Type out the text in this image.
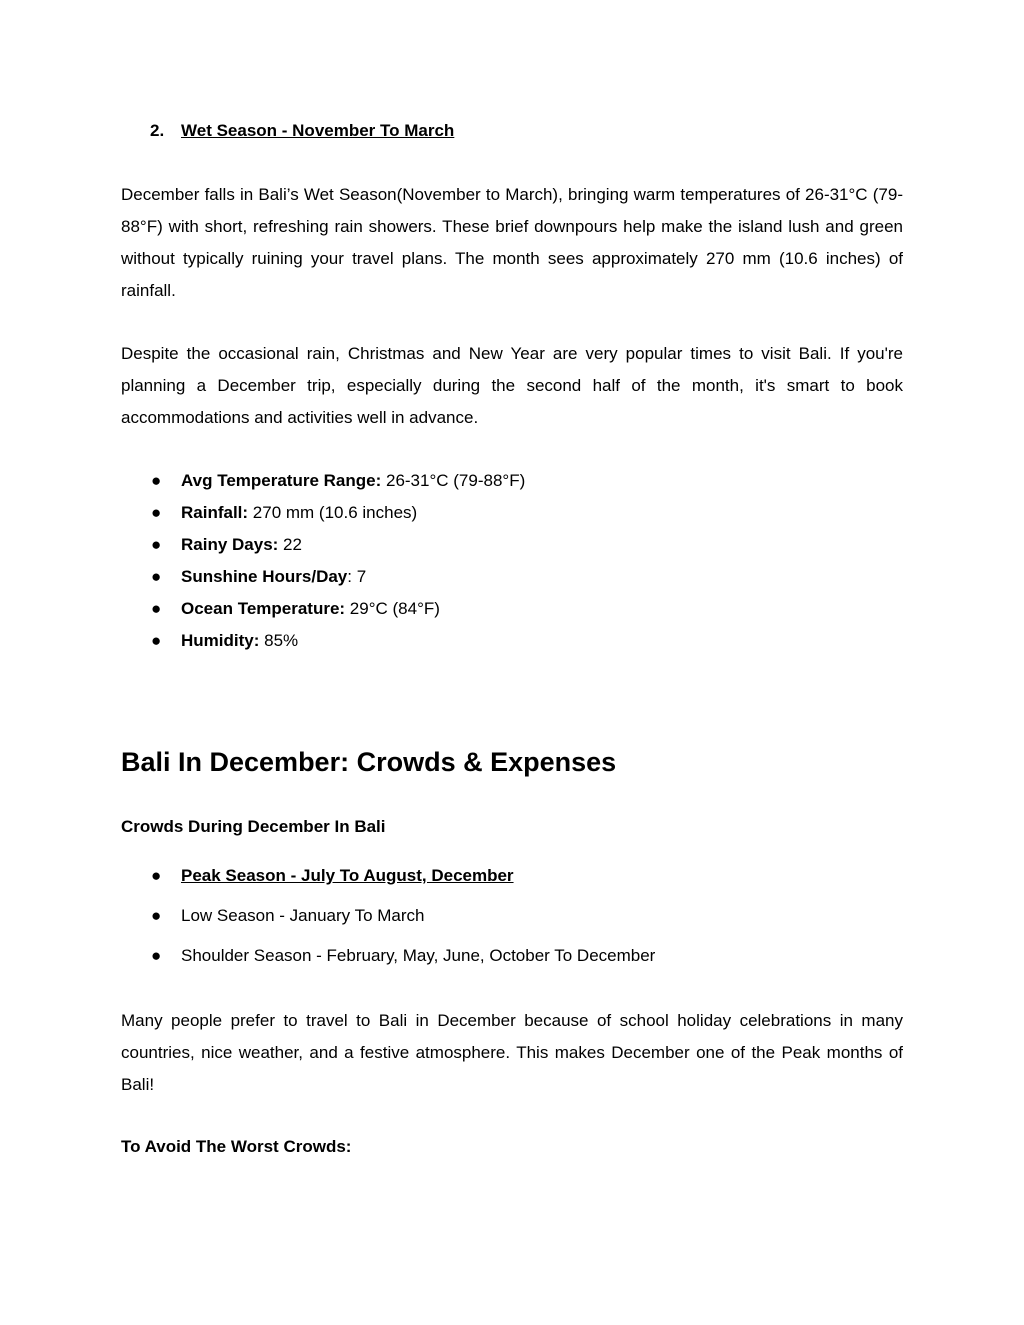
2. Wet Season - November To March

December falls in Bali’s Wet Season(November to March), bringing warm temperatures of 26-31°C (79-88°F) with short, refreshing rain showers. These brief downpours help make the island lush and green without typically ruining your travel plans. The month sees approximately 270 mm (10.6 inches) of rainfall.

Despite the occasional rain, Christmas and New Year are very popular times to visit Bali. If you're planning a December trip, especially during the second half of the month, it's smart to book accommodations and activities well in advance.

● Avg Temperature Range: 26-31°C (79-88°F)
● Rainfall: 270 mm (10.6 inches)
● Rainy Days: 22
● Sunshine Hours/Day: 7
● Ocean Temperature: 29°C (84°F)
● Humidity: 85%
Bali In December: Crowds & Expenses
Crowds During December In Bali
● Peak Season - July To August, December
● Low Season - January To March
● Shoulder Season - February, May, June, October To December

Many people prefer to travel to Bali in December because of school holiday celebrations in many countries, nice weather, and a festive atmosphere. This makes December one of the Peak months of Bali!

To Avoid The Worst Crowds:
